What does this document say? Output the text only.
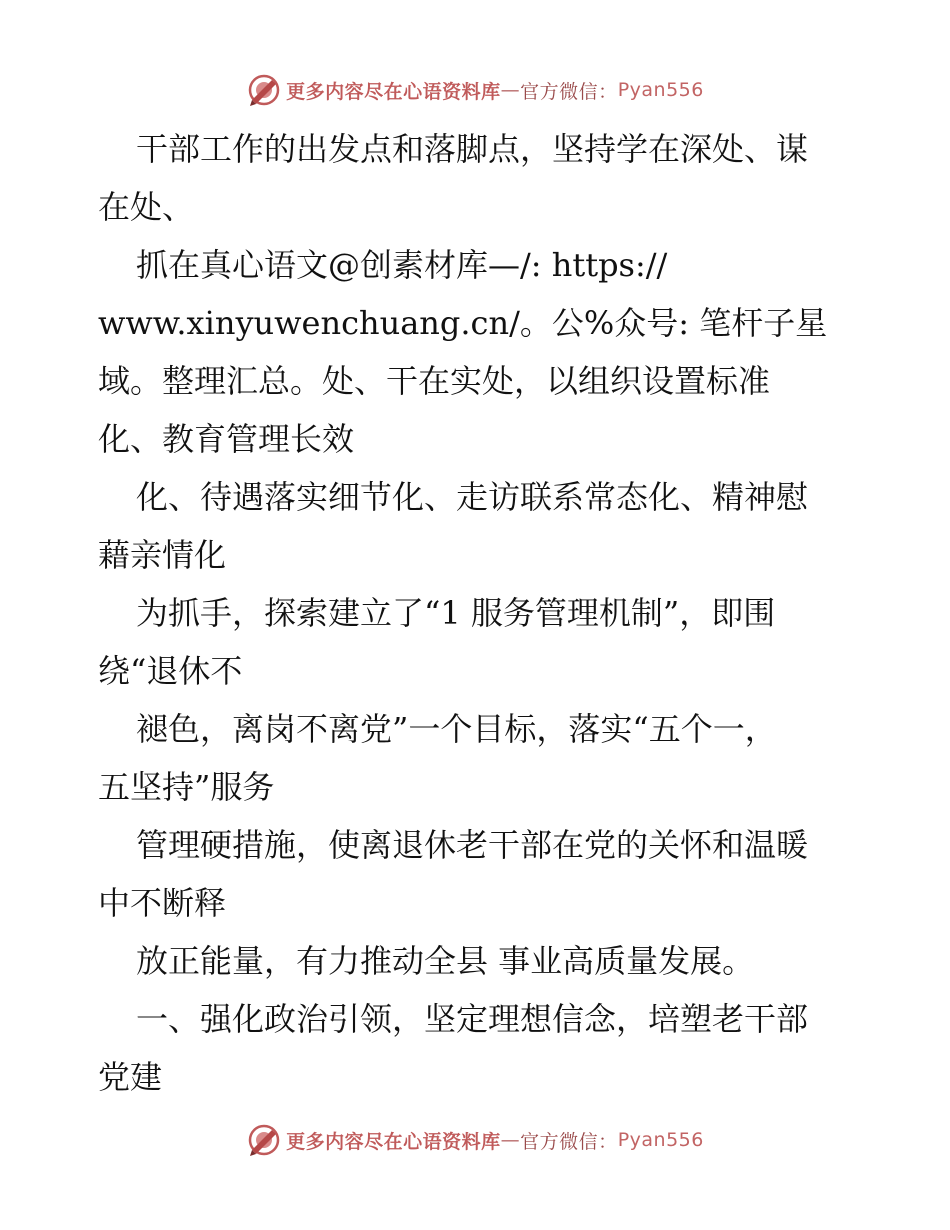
更多内容尽在心语资料库 — 官方微信： Pyan556
干部工作的出发点和落脚点，坚持学在深处、谋
在处、
抓在真心语文@创素材库—/: https://
www.xinyuwenchuang.cn/。公%众号: 笔杆子星
域。整理汇总。处、干在实处，以组织设置标准
化、教育管理长效
化、待遇落实细节化、走访联系常态化、精神慰
藉亲情化
为抓手，探索建立了“1 服务管理机制”，即围
绕“退休不
褪色，离岗不离党”一个目标，落实“五个一，
五坚持”服务
管理硬措施，使离退休老干部在党的关怀和温暖
中不断释
放正能量，有力推动全县 事业高质量发展。
一、强化政治引领，坚定理想信念，培塑老干部
党建
更多内容尽在心语资料库 — 官方微信： Pyan556
